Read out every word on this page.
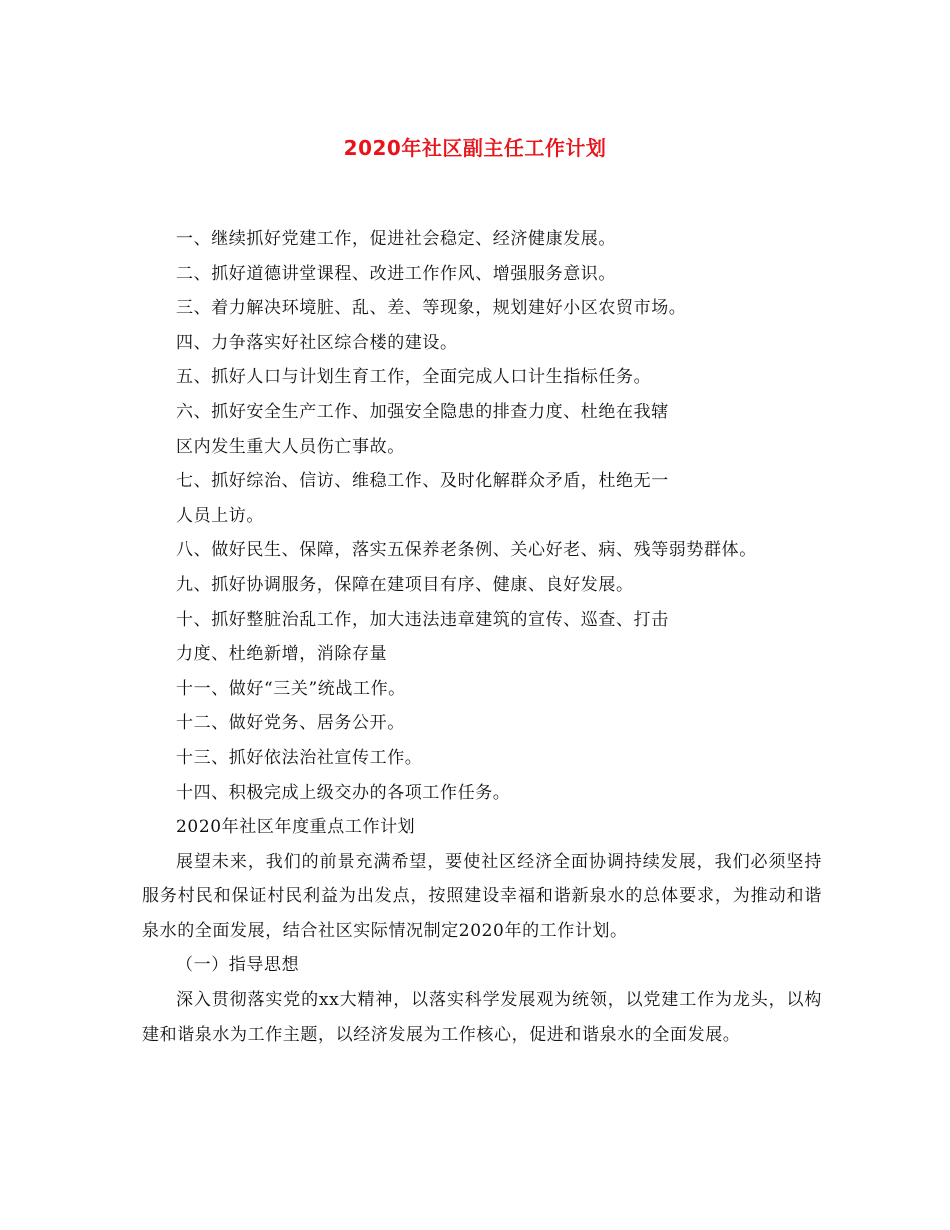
2020年社区副主任工作计划
一、继续抓好党建工作，促进社会稳定、经济健康发展。
二、抓好道德讲堂课程、改进工作作风、增强服务意识。
三、着力解决环境脏、乱、差、等现象，规划建好小区农贸市场。
四、力争落实好社区综合楼的建设。
五、抓好人口与计划生育工作，全面完成人口计生指标任务。
六、抓好安全生产工作、加强安全隐患的排查力度、杜绝在我辖
区内发生重大人员伤亡事故。
七、抓好综治、信访、维稳工作、及时化解群众矛盾，杜绝无一
人员上访。
八、做好民生、保障，落实五保养老条例、关心好老、病、残等弱势群体。
九、抓好协调服务，保障在建项目有序、健康、良好发展。
十、抓好整脏治乱工作，加大违法违章建筑的宣传、巡查、打击
力度、杜绝新增，消除存量
十一、做好“三关”统战工作。
十二、做好党务、居务公开。
十三、抓好依法治社宣传工作。
十四、积极完成上级交办的各项工作任务。
2020年社区年度重点工作计划

展望未来，我们的前景充满希望，要使社区经济全面协调持续发展，我们必须坚持服务村民和保证村民利益为出发点，按照建设幸福和谐新泉水的总体要求，为推动和谐泉水的全面发展，结合社区实际情况制定2020年的工作计划。

（一）指导思想

深入贯彻落实党的xx大精神，以落实科学发展观为统领，以党建工作为龙头，以构建和谐泉水为工作主题，以经济发展为工作核心，促进和谐泉水的全面发展。
